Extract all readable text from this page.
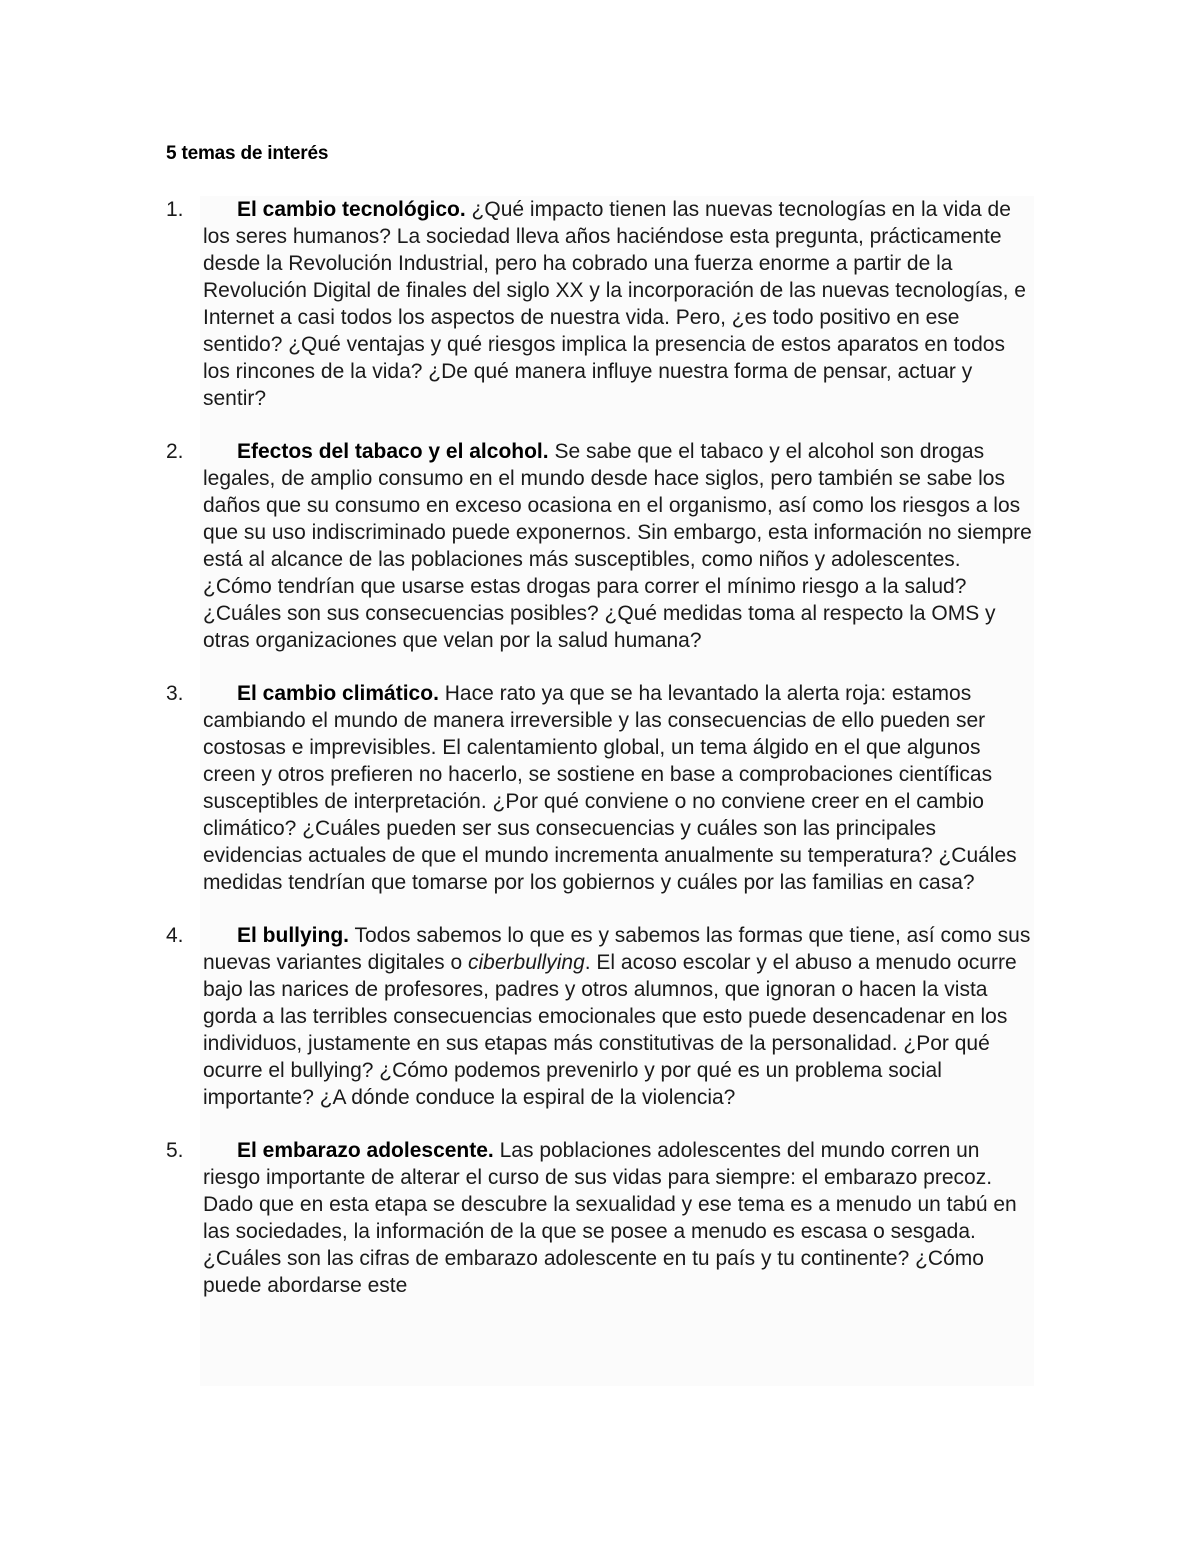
5 temas de interés
1.	El cambio tecnológico. ¿Qué impacto tienen las nuevas tecnologías en la vida de los seres humanos? La sociedad lleva años haciéndose esta pregunta, prácticamente desde la Revolución Industrial, pero ha cobrado una fuerza enorme a partir de la Revolución Digital de finales del siglo XX y la incorporación de las nuevas tecnologías, e Internet a casi todos los aspectos de nuestra vida. Pero, ¿es todo positivo en ese sentido? ¿Qué ventajas y qué riesgos implica la presencia de estos aparatos en todos los rincones de la vida? ¿De qué manera influye nuestra forma de pensar, actuar y sentir?
2.	Efectos del tabaco y el alcohol. Se sabe que el tabaco y el alcohol son drogas legales, de amplio consumo en el mundo desde hace siglos, pero también se sabe los daños que su consumo en exceso ocasiona en el organismo, así como los riesgos a los que su uso indiscriminado puede exponernos. Sin embargo, esta información no siempre está al alcance de las poblaciones más susceptibles, como niños y adolescentes. ¿Cómo tendrían que usarse estas drogas para correr el mínimo riesgo a la salud? ¿Cuáles son sus consecuencias posibles? ¿Qué medidas toma al respecto la OMS y otras organizaciones que velan por la salud humana?
3.	El cambio climático. Hace rato ya que se ha levantado la alerta roja: estamos cambiando el mundo de manera irreversible y las consecuencias de ello pueden ser costosas e imprevisibles. El calentamiento global, un tema álgido en el que algunos creen y otros prefieren no hacerlo, se sostiene en base a comprobaciones científicas susceptibles de interpretación. ¿Por qué conviene o no conviene creer en el cambio climático? ¿Cuáles pueden ser sus consecuencias y cuáles son las principales evidencias actuales de que el mundo incrementa anualmente su temperatura? ¿Cuáles medidas tendrían que tomarse por los gobiernos y cuáles por las familias en casa?
4.	El bullying. Todos sabemos lo que es y sabemos las formas que tiene, así como sus nuevas variantes digitales o ciberbullying. El acoso escolar y el abuso a menudo ocurre bajo las narices de profesores, padres y otros alumnos, que ignoran o hacen la vista gorda a las terribles consecuencias emocionales que esto puede desencadenar en los individuos, justamente en sus etapas más constitutivas de la personalidad. ¿Por qué ocurre el bullying? ¿Cómo podemos prevenirlo y por qué es un problema social importante? ¿A dónde conduce la espiral de la violencia?
5.	El embarazo adolescente. Las poblaciones adolescentes del mundo corren un riesgo importante de alterar el curso de sus vidas para siempre: el embarazo precoz. Dado que en esta etapa se descubre la sexualidad y ese tema es a menudo un tabú en las sociedades, la información de la que se posee a menudo es escasa o sesgada. ¿Cuáles son las cifras de embarazo adolescente en tu país y tu continente? ¿Cómo puede abordarse este
